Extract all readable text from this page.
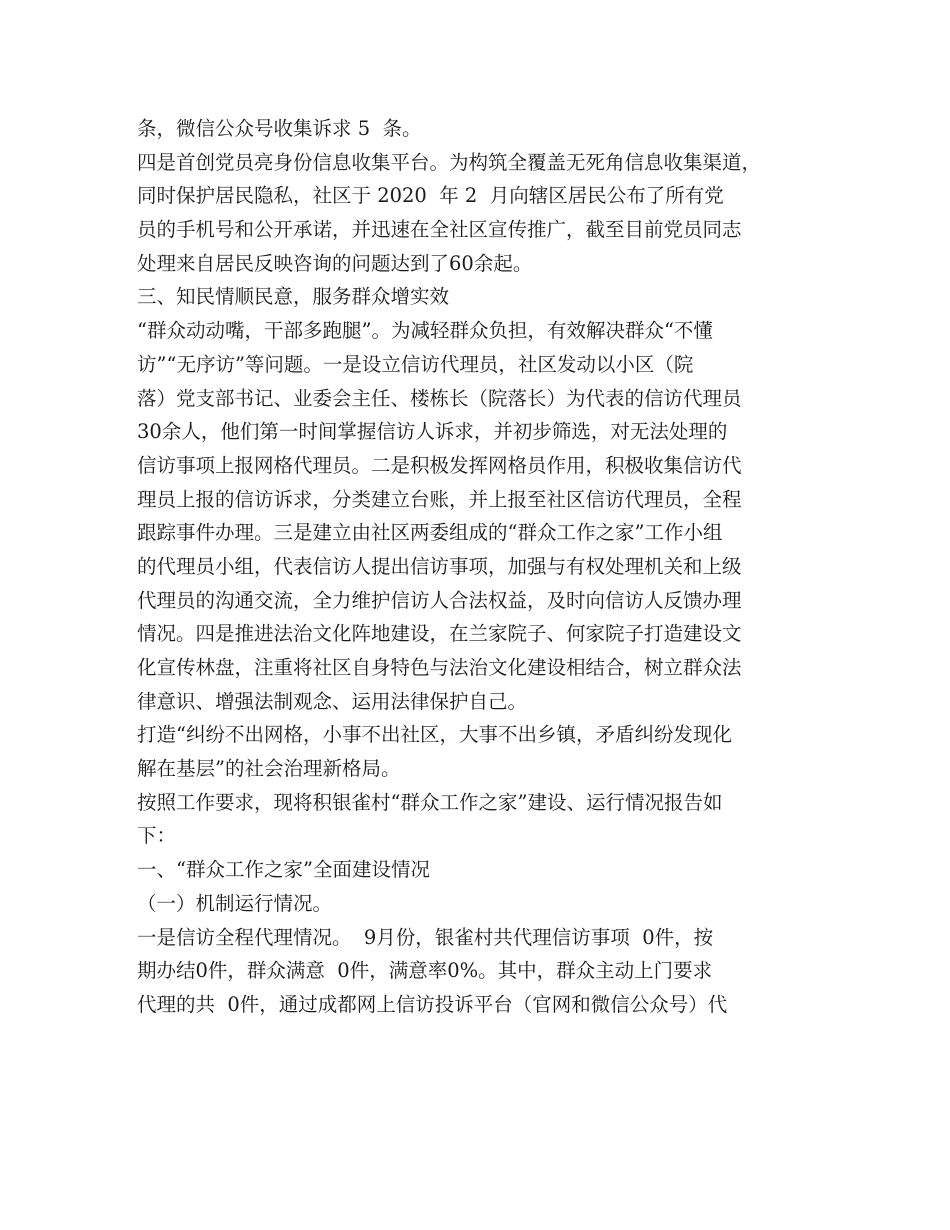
条，微信公众号收集诉求 5  条。
四是首创党员亮身份信息收集平台。为构筑全覆盖无死角信息收集渠道，
同时保护居民隐私，社区于 2020  年 2  月向辖区居民公布了所有党
员的手机号和公开承诺，并迅速在全社区宣传推广，截至目前党员同志
处理来自居民反映咨询的问题达到了60余起。
三、知民情顺民意，服务群众增实效
“群众动动嘴，干部多跑腿”。为减轻群众负担，有效解决群众“不懂
访”“无序访”等问题。一是设立信访代理员，社区发动以小区（院
落）党支部书记、业委会主任、楼栋长（院落长）为代表的信访代理员
30余人，他们第一时间掌握信访人诉求，并初步筛选，对无法处理的
信访事项上报网格代理员。二是积极发挥网格员作用，积极收集信访代
理员上报的信访诉求，分类建立台账，并上报至社区信访代理员，全程
跟踪事件办理。三是建立由社区两委组成的“群众工作之家”工作小组
的代理员小组，代表信访人提出信访事项，加强与有权处理机关和上级
代理员的沟通交流，全力维护信访人合法权益，及时向信访人反馈办理
情况。四是推进法治文化阵地建设，在兰家院子、何家院子打造建设文
化宣传林盘，注重将社区自身特色与法治文化建设相结合，树立群众法
律意识、增强法制观念、运用法律保护自己。
打造“纠纷不出网格，小事不出社区，大事不出乡镇，矛盾纠纷发现化
解在基层”的社会治理新格局。
按照工作要求，现将积银雀村“群众工作之家”建设、运行情况报告如
下：
一、“群众工作之家”全面建设情况
（一）机制运行情况。
一是信访全程代理情况。  9月份，银雀村共代理信访事项  0件，按
期办结0件，群众满意  0件，满意率0%。其中，群众主动上门要求
代理的共  0件，通过成都网上信访投诉平台（官网和微信公众号）代
